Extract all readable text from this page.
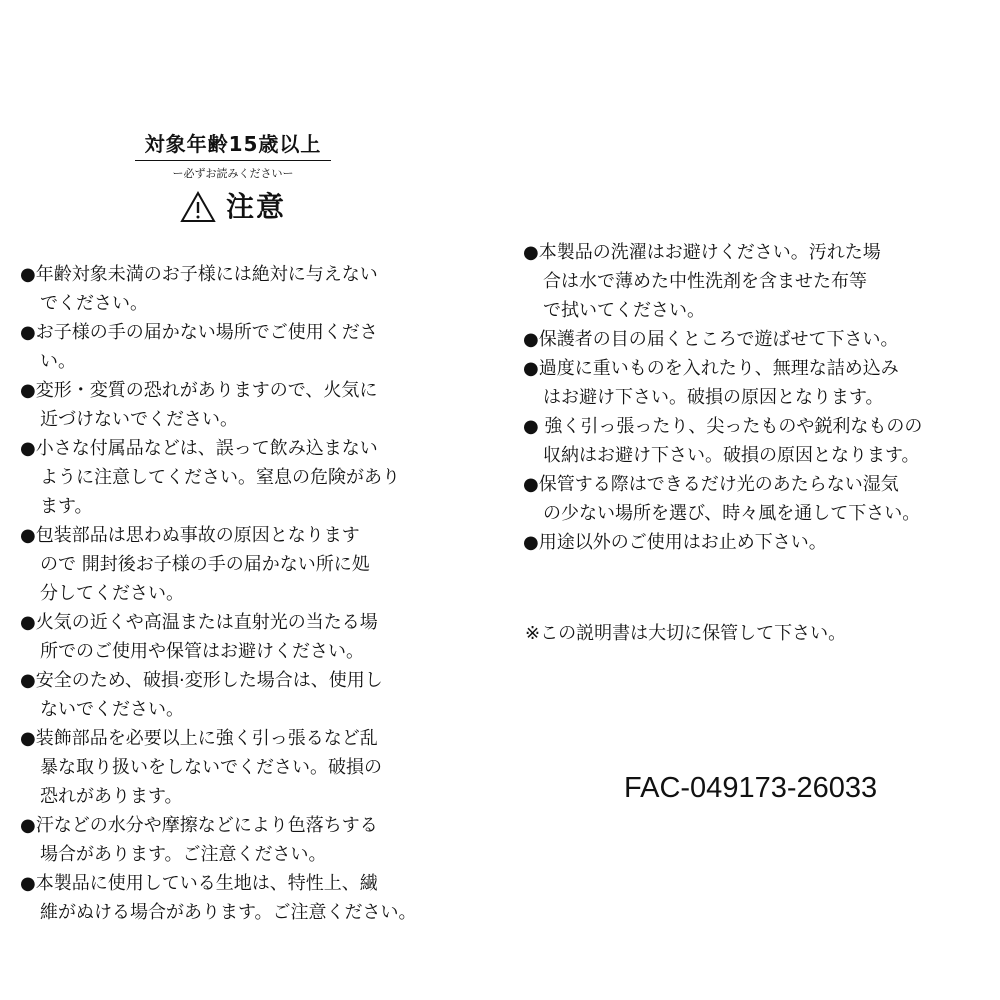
対象年齢15歳以上
ー必ずお読みくださいー
注意
●年齢対象未満のお子様には絶対に与えない
でください。
●お子様の手の届かない場所でご使用くださ
い。
●変形・変質の恐れがありますので、火気に
近づけないでください。
●小さな付属品などは、誤って飲み込まない
ように注意してください。窒息の危険があり
ます。
●包装部品は思わぬ事故の原因となります
ので 開封後お子様の手の届かない所に処
分してください。
●火気の近くや高温または直射光の当たる場
所でのご使用や保管はお避けください。
●安全のため、破損·変形した場合は、使用し
ないでください。
●装飾部品を必要以上に強く引っ張るなど乱
暴な取り扱いをしないでください。破損の
恐れがあります。
●汗などの水分や摩擦などにより色落ちする
場合があります。ご注意ください。
●本製品に使用している生地は、特性上、繊
維がぬける場合があります。ご注意ください。
●本製品の洗濯はお避けください。汚れた場
合は水で薄めた中性洗剤を含ませた布等
で拭いてください。
●保護者の目の届くところで遊ばせて下さい。
●過度に重いものを入れたり、無理な詰め込み
はお避け下さい。破損の原因となります。
● 強く引っ張ったり、尖ったものや鋭利なものの
収納はお避け下さい。破損の原因となります。
●保管する際はできるだけ光のあたらない湿気
の少ない場所を選び、時々風を通して下さい。
●用途以外のご使用はお止め下さい。
※この説明書は大切に保管して下さい。
FAC-049173-26033
